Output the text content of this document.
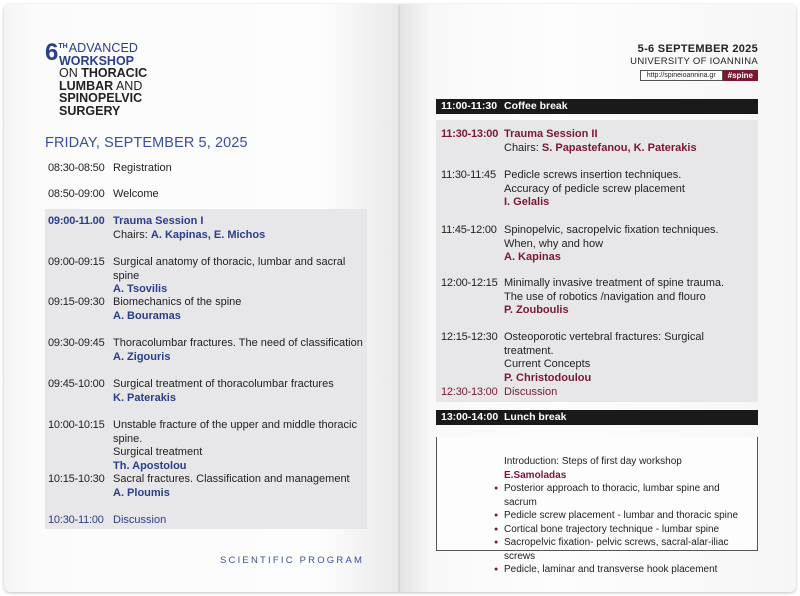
6 TH ADVANCED
WORKSHOP
ON THORACIC
LUMBAR AND
SPINOPELVIC
SURGERY
FRIDAY, SEPTEMBER 5, 2025
08:30-08:50 Registration
08:50-09:00 Welcome
09:00-11.00 Trauma Session I
Chairs: A. Kapinas, E. Michos
09:00-09:15 Surgical anatomy of thoracic, lumbar and sacral spine
A. Tsovilis
09:15-09:30 Biomechanics of the spine
A. Bouramas
09:30-09:45 Thoracolumbar fractures. The need of classification
A. Zigouris
09:45-10:00 Surgical treatment of thoracolumbar fractures
K. Paterakis
10:00-10:15 Unstable fracture of the upper and middle thoracic spine.
Surgical treatment
Th. Apostolou
10:15-10:30 Sacral fractures. Classification and management
A. Ploumis
10:30-11:00 Discussion
SCIENTIFIC PROGRAM
5-6 SEPTEMBER 2025
UNIVERSITY OF IOANNINA
http://spineioannina.gr	#spine
11:00-11:30 Coffee break
11:30-13:00 Trauma Session II
Chairs: S. Papastefanou, K. Paterakis
11:30-11:45 Pedicle screws insertion techniques.
Accuracy of pedicle screw placement
I. Gelalis
11:45-12:00 Spinopelvic, sacropelvic fixation techniques.
When, why and how
A. Kapinas
12:00-12:15 Minimally invasive treatment of spine trauma.
The use of robotics /navigation and flouro
P. Zouboulis
12:15-12:30 Osteoporotic vertebral fractures: Surgical treatment.
Current Concepts
P. Christodoulou
12:30-13:00 Discussion
13:00-14:00 Lunch break
Introduction: Steps of first day workshop
E.Samoladas
● Posterior approach to thoracic, lumbar spine and sacrum
● Pedicle screw placement - lumbar and thoracic spine
● Cortical bone trajectory technique - lumbar spine
● Sacropelvic fixation- pelvic screws, sacral-alar-iliac screws
● Pedicle, laminar and transverse hook placement
